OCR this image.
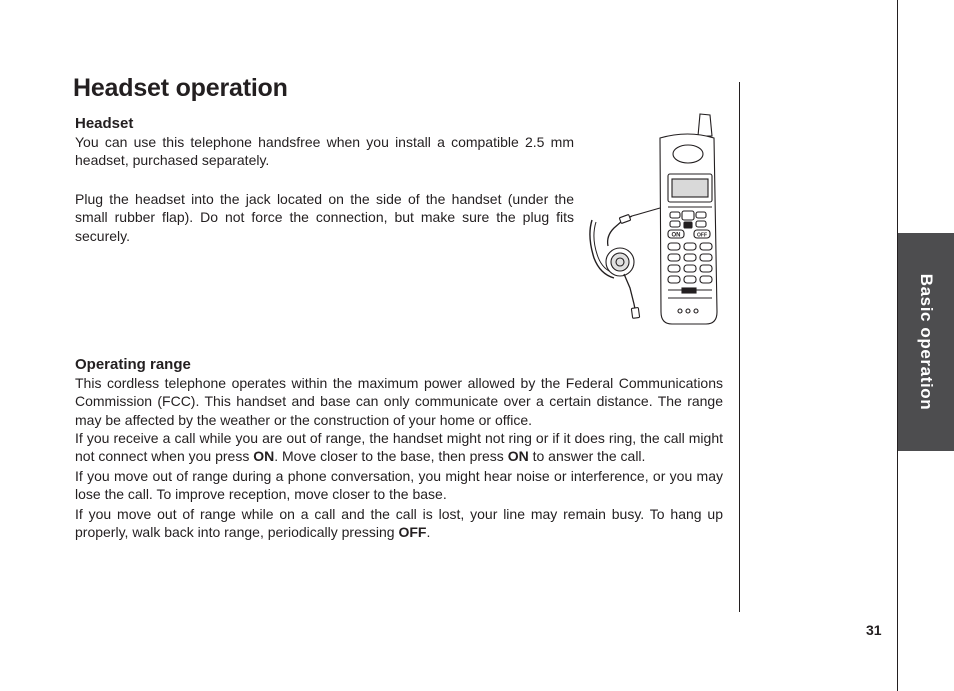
Headset operation
Headset

You can use this telephone handsfree when you install a compatible 2.5 mm headset, purchased separately.

Plug the headset into the jack located on the side of the handset (under the small rubber flap). Do not force the connection, but make sure the plug fits securely.	ON	OFF
Operating range

This cordless telephone operates within the maximum power allowed by the Federal Communications Commission (FCC). This handset and base can only communicate over a certain distance. The range may be affected by the weather or the construction of your home or office.

If you receive a call while you are out of range, the handset might not ring or if it does ring, the call might not connect when you press ON. Move closer to the base, then press ON to answer the call.

If you move out of range during a phone conversation, you might hear noise or interference, or you may lose the call. To improve reception, move closer to the base.

If you move out of range while on a call and the call is lost, your line may remain busy. To hang up properly, walk back into range, periodically pressing OFF.

Basic operation
31
